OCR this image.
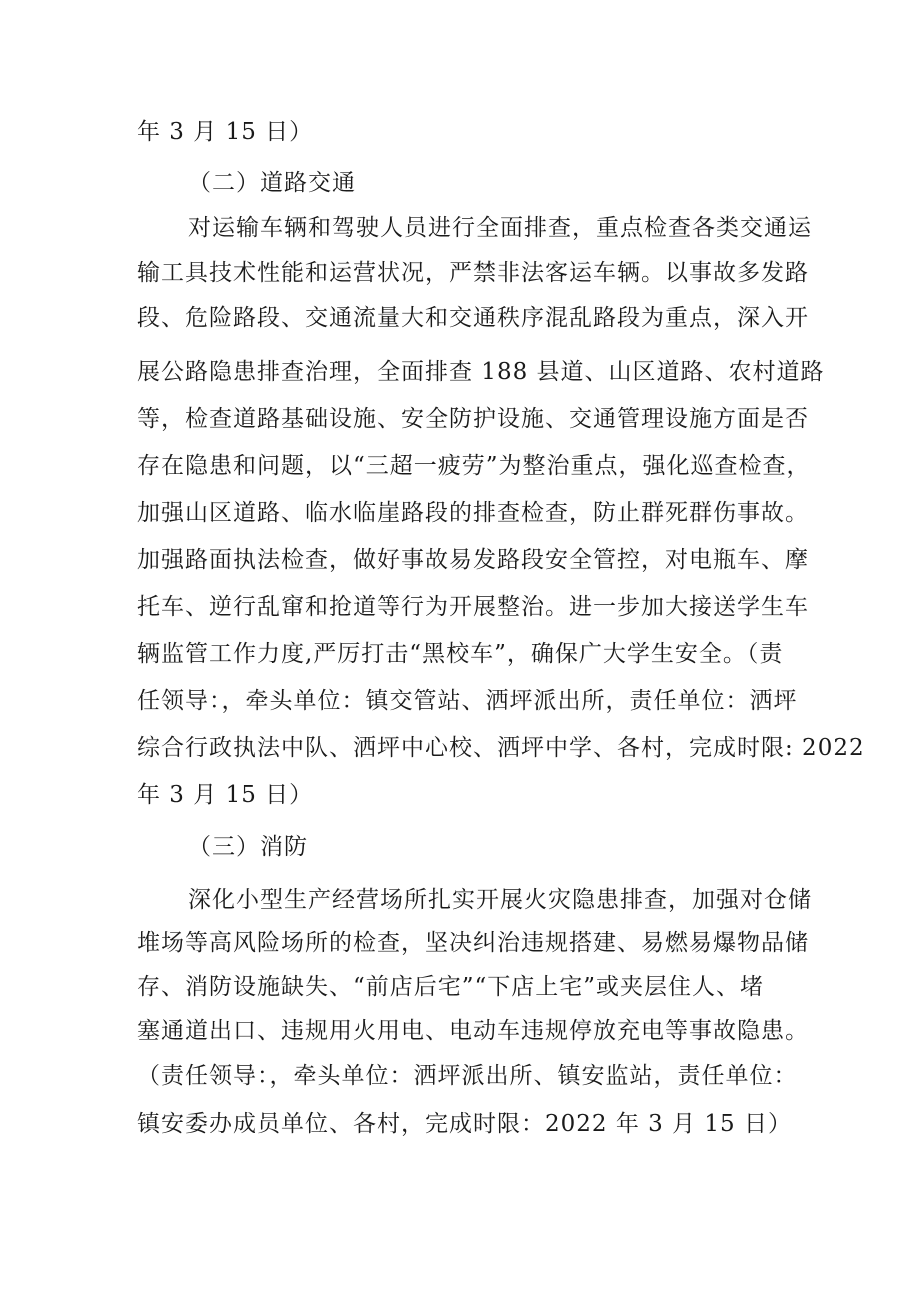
年 3 月 15 日）
（二）道路交通
对运输车辆和驾驶人员进行全面排查，重点检查各类交通运
输工具技术性能和运营状况，严禁非法客运车辆。以事故多发路
段、危险路段、交通流量大和交通秩序混乱路段为重点，深入开
展公路隐患排查治理，全面排查 188 县道、山区道路、农村道路
等，检查道路基础设施、安全防护设施、交通管理设施方面是否
存在隐患和问题，以“三超一疲劳”为整治重点，强化巡查检查，
加强山区道路、临水临崖路段的排查检查，防止群死群伤事故。
加强路面执法检查，做好事故易发路段安全管控，对电瓶车、摩
托车、逆行乱窜和抢道等行为开展整治。进一步加大接送学生车
辆监管工作力度,严厉打击“黑校车”，确保广大学生安全。（责
任领导：，牵头单位：镇交管站、洒坪派出所，责任单位：洒坪
综合行政执法中队、洒坪中心校、洒坪中学、各村，完成时限: 2022
年 3 月 15 日）
（三）消防
深化小型生产经营场所扎实开展火灾隐患排查，加强对仓储
堆场等高风险场所的检查，坚决纠治违规搭建、易燃易爆物品储
存、消防设施缺失、“前店后宅”“下店上宅”或夹层住人、堵
塞通道出口、违规用火用电、电动车违规停放充电等事故隐患。
（责任领导：，牵头单位：洒坪派出所、镇安监站，责任单位：
镇安委办成员单位、各村，完成时限：2022 年 3 月 15 日）
